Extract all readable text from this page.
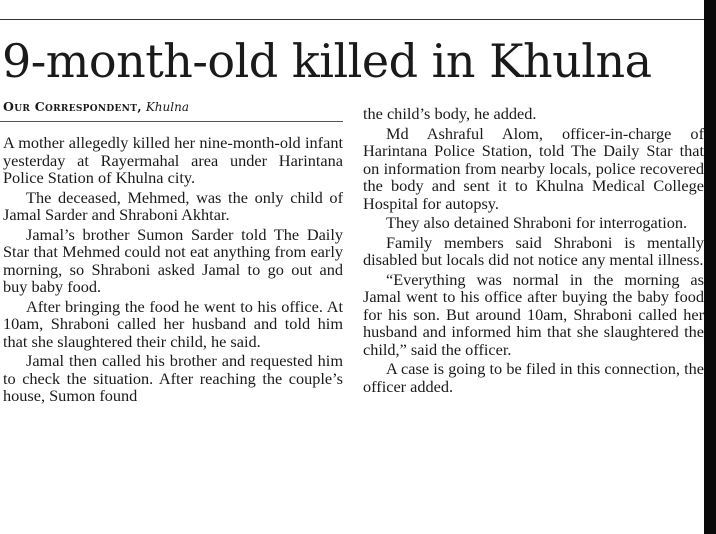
9-month-old killed in Khulna
Our Correspondent, Khulna

A mother allegedly killed her nine-month-old infant yesterday at Rayermahal area under Harintana Police Station of Khulna city.

The deceased, Mehmed, was the only child of Jamal Sarder and Shraboni Akhtar.

Jamal’s brother Sumon Sarder told The Daily Star that Mehmed could not eat anything from early morning, so Shraboni asked Jamal to go out and buy baby food.

After bringing the food he went to his office. At 10am, Shraboni called her husband and told him that she slaughtered their child, he said.

Jamal then called his brother and requested him to check the situation. After reaching the couple’s house, Sumon found

the child’s body, he added.

Md Ashraful Alom, officer-in-charge of Harintana Police Station, told The Daily Star that on information from nearby locals, police recovered the body and sent it to Khulna Medical College Hospital for autopsy.

They also detained Shraboni for interrogation.

Family members said Shraboni is mentally disabled but locals did not notice any mental illness.

“Everything was normal in the morning as Jamal went to his office after buying the baby food for his son. But around 10am, Shraboni called her husband and informed him that she slaughtered the child,” said the officer.

A case is going to be filed in this connection, the officer added.
